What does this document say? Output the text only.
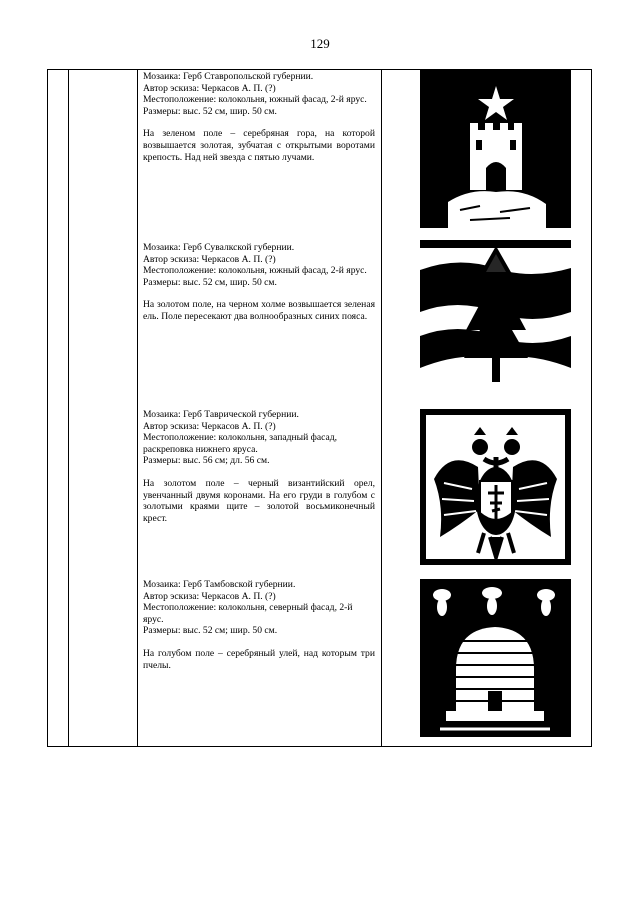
129

Мозаика: Герб Ставропольской губернии.

Автор эскиза: Черкасов А. П. (?)

Местоположение: колокольня, южный фасад, 2-й ярус.

Размеры: выс. 52 см, шир. 50 см.

На зеленом поле – серебряная гора, на которой возвышается золотая, зубчатая с открытыми воротами крепость. Над ней звезда с пятью лучами.

Мозаика: Герб Сувалкской губернии.

Автор эскиза: Черкасов А. П. (?)

Местоположение: колокольня, южный фасад, 2-й ярус.

Размеры: выс. 52 см, шир. 50 см.

На золотом поле, на черном холме возвышается зеленая ель. Поле пересекают два волнообразных синих пояса.

Мозаика: Герб Таврической губернии.

Автор эскиза: Черкасов А. П. (?)

Местоположение: колокольня, западный фасад, раскреповка нижнего яруса.

Размеры: выс. 56 см; дл. 56 см.

На золотом поле – черный византийский орел, увенчанный двумя коронами. На его груди в голубом с золотыми краями щите – золотой восьмиконечный крест.

Мозаика: Герб Тамбовской губернии.

Автор эскиза: Черкасов А. П. (?)

Местоположение: колокольня, северный фасад, 2-й ярус.

Размеры: выс. 52 см; шир. 50 см.

На голубом поле – серебряный улей, над которым три пчелы.
